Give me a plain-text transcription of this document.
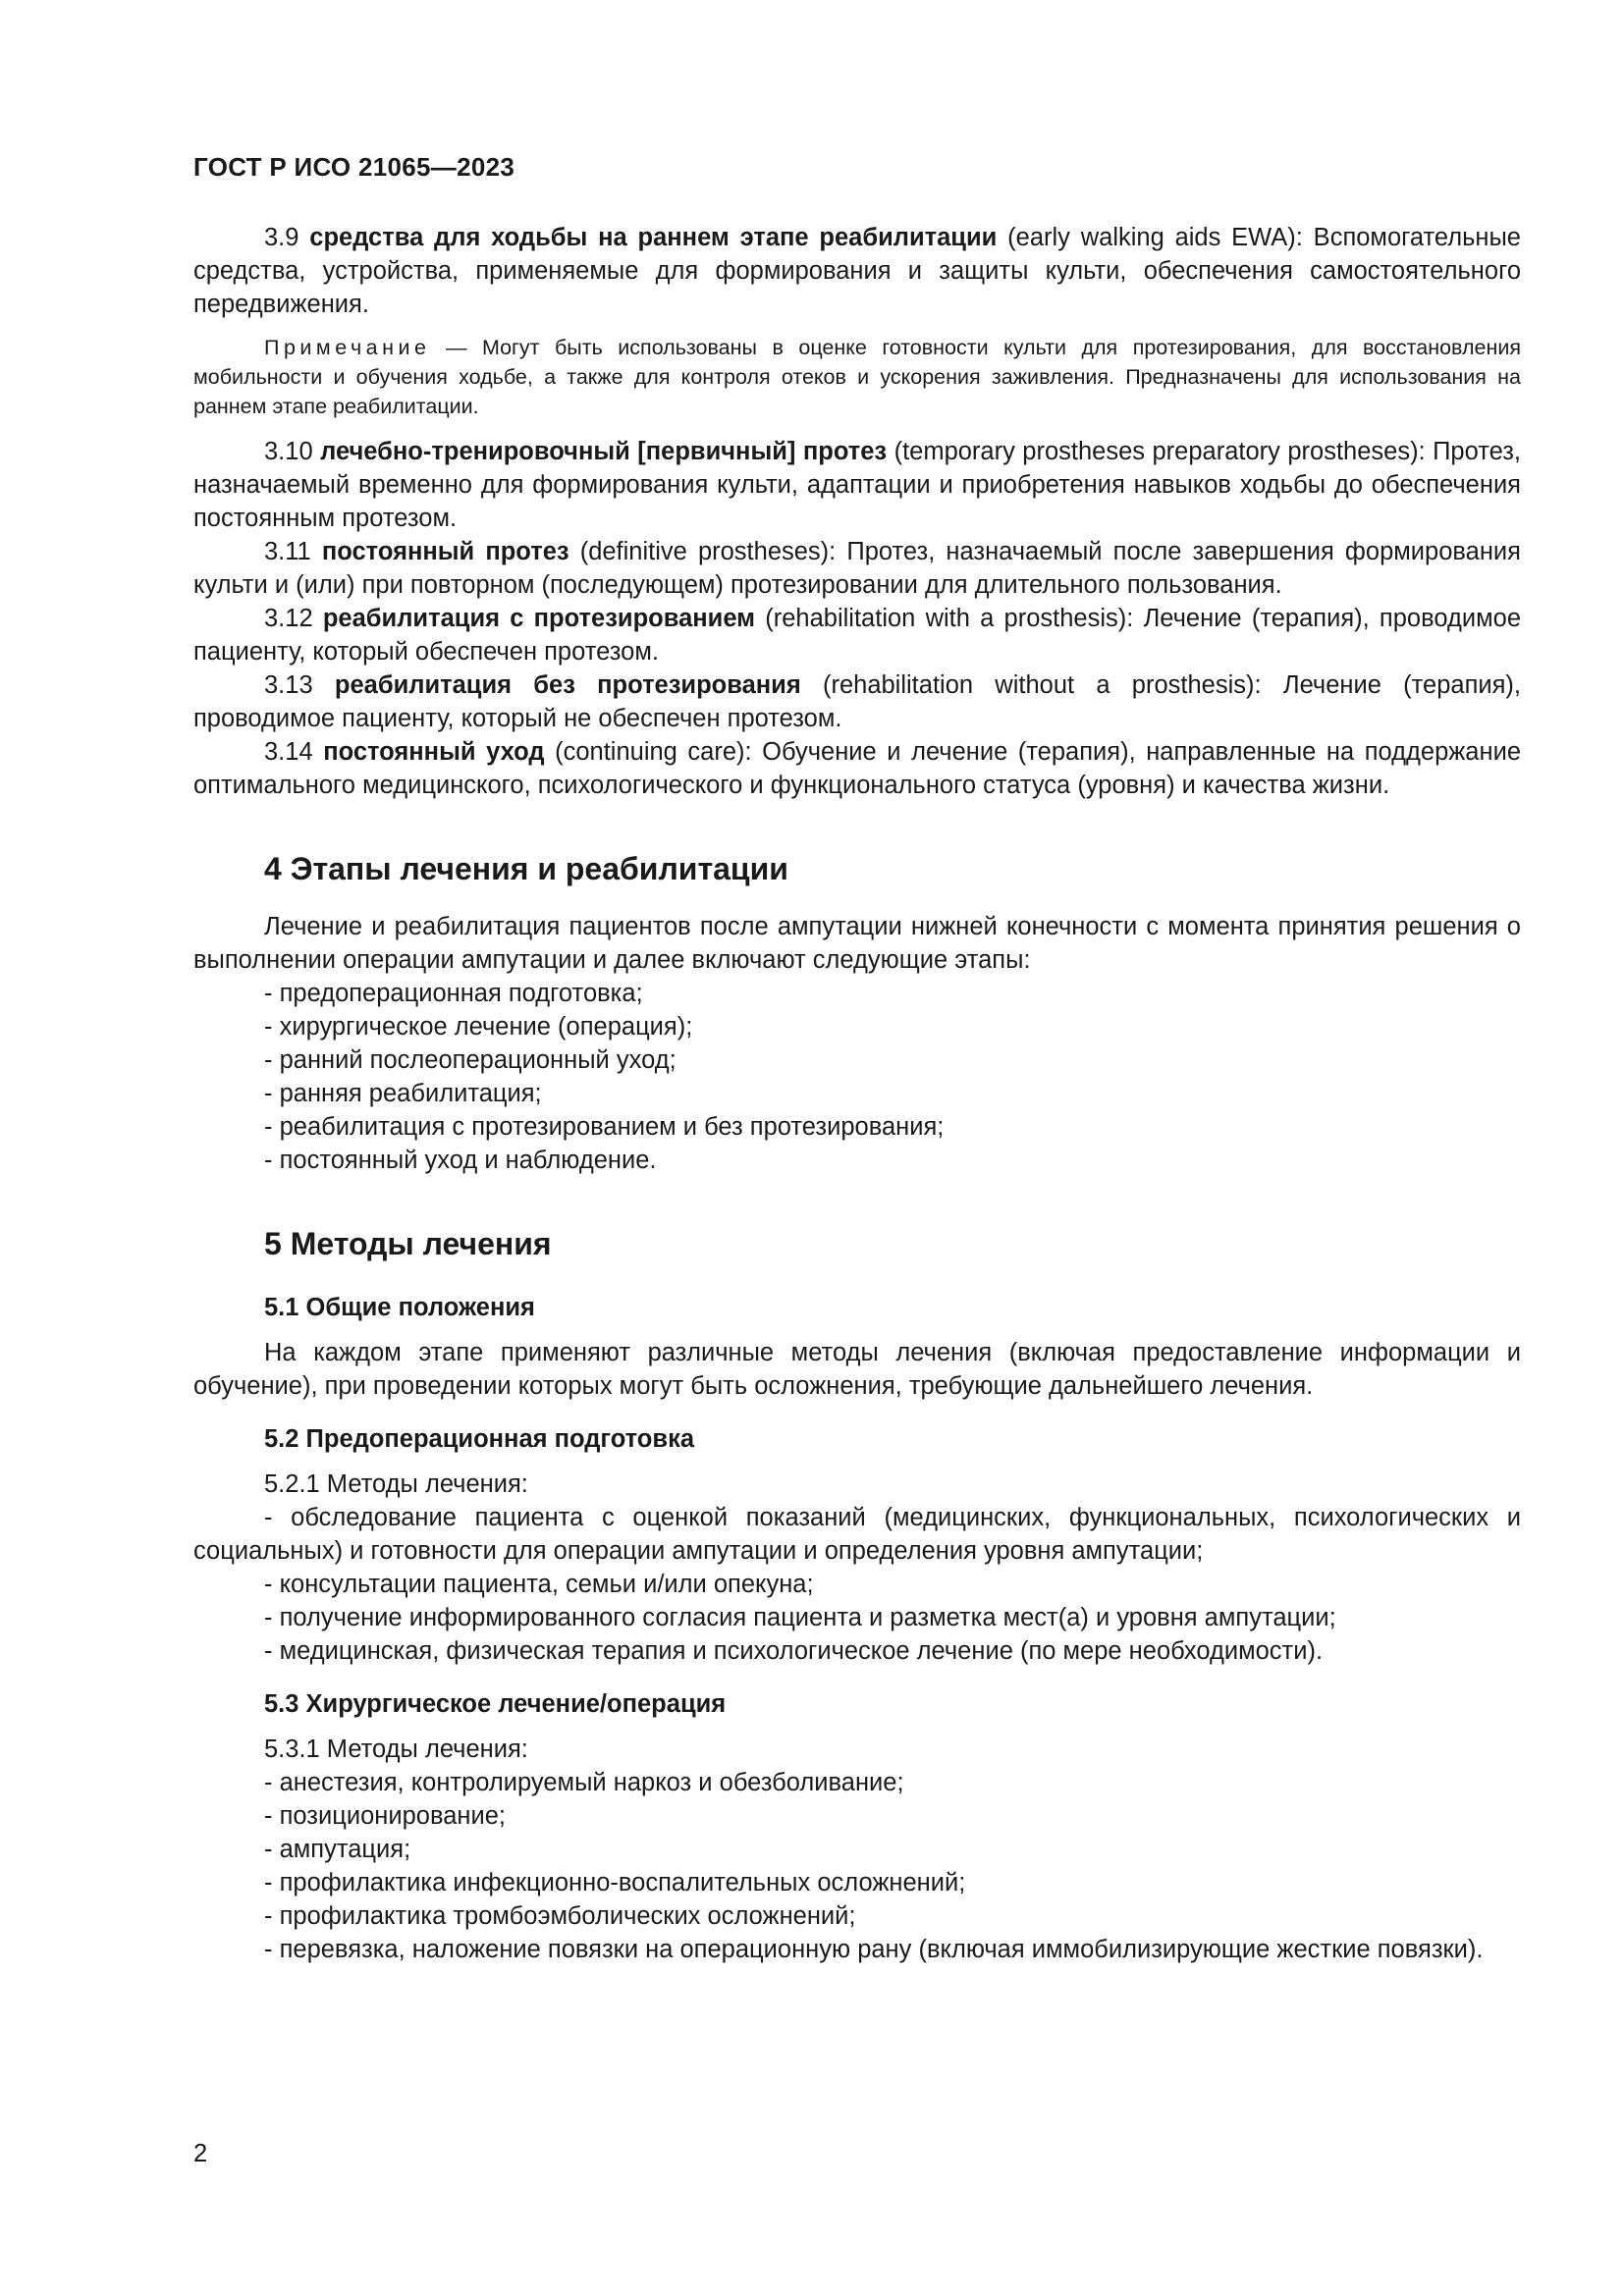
ГОСТ Р ИСО 21065—2023

3.9 средства для ходьбы на раннем этапе реабилитации (early walking aids EWA): Вспомогательные средства, устройства, применяемые для формирования и защиты культи, обеспечения самостоятельного передвижения.

Примечание — Могут быть использованы в оценке готовности культи для протезирования, для восстановления мобильности и обучения ходьбе, а также для контроля отеков и ускорения заживления. Предназначены для использования на раннем этапе реабилитации.

3.10 лечебно-тренировочный [первичный] протез (temporary prostheses preparatory prostheses): Протез, назначаемый временно для формирования культи, адаптации и приобретения навыков ходьбы до обеспечения постоянным протезом.

3.11 постоянный протез (definitive prostheses): Протез, назначаемый после завершения формирования культи и (или) при повторном (последующем) протезировании для длительного пользования.

3.12 реабилитация с протезированием (rehabilitation with a prosthesis): Лечение (терапия), проводимое пациенту, который обеспечен протезом.

3.13 реабилитация без протезирования (rehabilitation without a prosthesis): Лечение (терапия), проводимое пациенту, который не обеспечен протезом.

3.14 постоянный уход (continuing care): Обучение и лечение (терапия), направленные на поддержание оптимального медицинского, психологического и функционального статуса (уровня) и качества жизни.

4 Этапы лечения и реабилитации

Лечение и реабилитация пациентов после ампутации нижней конечности с момента принятия решения о выполнении операции ампутации и далее включают следующие этапы:

- предоперационная подготовка;

- хирургическое лечение (операция);

- ранний послеоперационный уход;

- ранняя реабилитация;

- реабилитация с протезированием и без протезирования;

- постоянный уход и наблюдение.

5 Методы лечения
5.1 Общие положения

На каждом этапе применяют различные методы лечения (включая предоставление информации и обучение), при проведении которых могут быть осложнения, требующие дальнейшего лечения.

5.2 Предоперационная подготовка

5.2.1 Методы лечения:

- обследование пациента с оценкой показаний (медицинских, функциональных, психологических и социальных) и готовности для операции ампутации и определения уровня ампутации;

- консультации пациента, семьи и/или опекуна;

- получение информированного согласия пациента и разметка мест(а) и уровня ампутации;

- медицинская, физическая терапия и психологическое лечение (по мере необходимости).

5.3 Хирургическое лечение/операция

5.3.1 Методы лечения:

- анестезия, контролируемый наркоз и обезболивание;

- позиционирование;

- ампутация;

- профилактика инфекционно-воспалительных осложнений;

- профилактика тромбоэмболических осложнений;

- перевязка, наложение повязки на операционную рану (включая иммобилизирующие жесткие повязки).

2
